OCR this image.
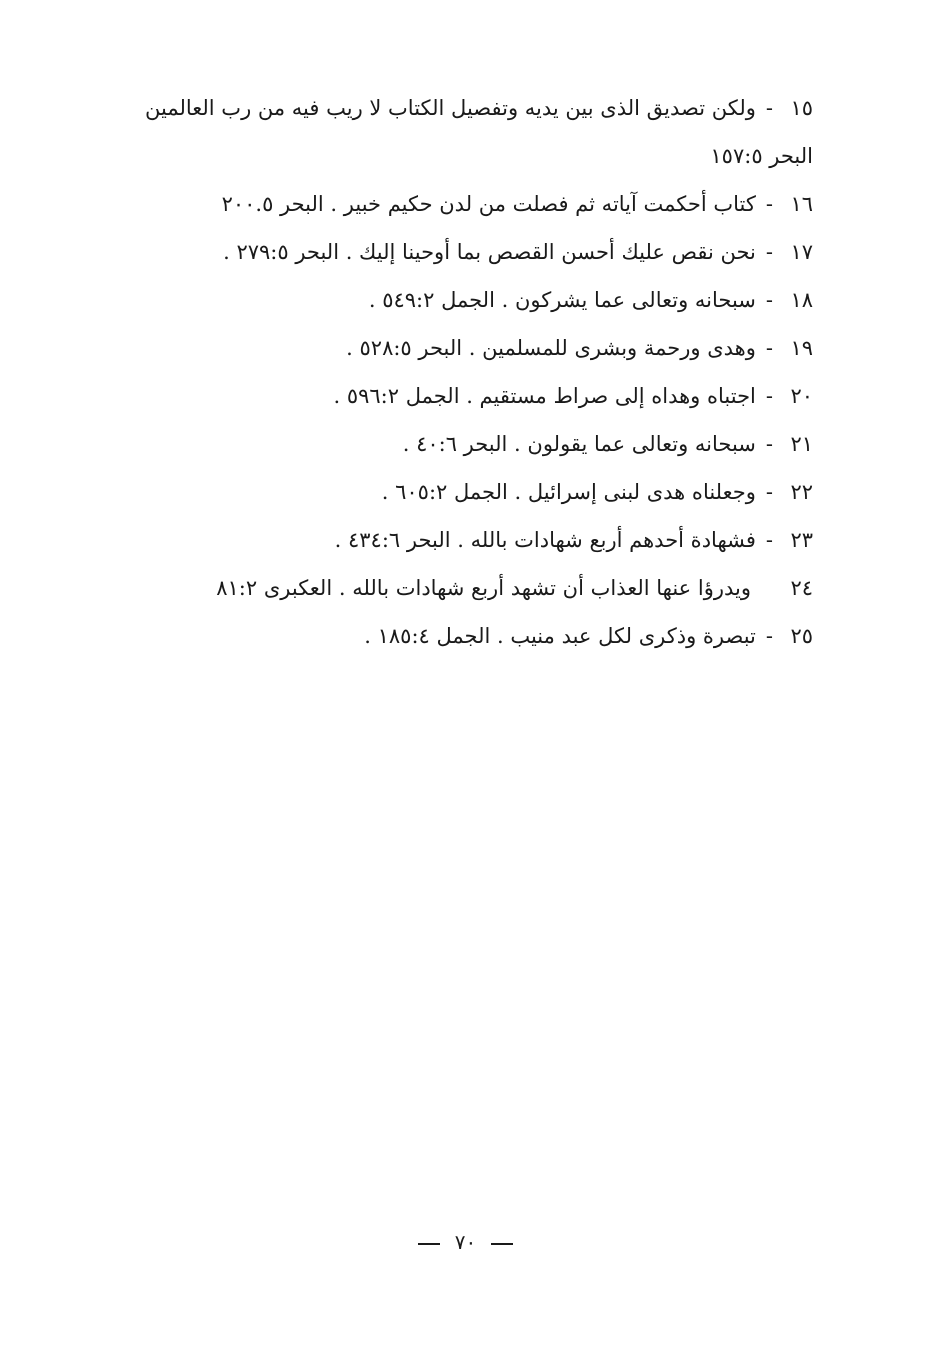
١٥
-
ولكن تصديق الذى بين يديه وتفصيل الكتاب لا ريب فيه من رب العالمين
البحر ١٥٧:٥
١٦
-
كتاب أحكمت آياته ثم فصلت من لدن حكيم خبير . البحر ٢٠٠.٥
١٧
-
نحن نقص عليك أحسن القصص بما أوحينا إليك . البحر ٢٧٩:٥ .
١٨
-
سبحانه وتعالى عما يشركون . الجمل ٥٤٩:٢ .
١٩
-
وهدى ورحمة وبشرى للمسلمين . البحر ٥٢٨:٥ .
٢٠
-
اجتباه وهداه إلى صراط مستقيم . الجمل ٥٩٦:٢ .
٢١
-
سبحانه وتعالى عما يقولون . البحر ٤٠:٦ .
٢٢
-
وجعلناه هدى لبنى إسرائيل . الجمل ٦٠٥:٢ .
٢٣
-
فشهادة أحدهم أربع شهادات بالله . البحر ٤٣٤:٦ .
٢٤
ويدرؤا عنها العذاب أن تشهد أربع شهادات بالله . العكبرى ٨١:٢
٢٥
-
تبصرة وذكرى لكل عبد منيب . الجمل ١٨٥:٤ .
٧٠
